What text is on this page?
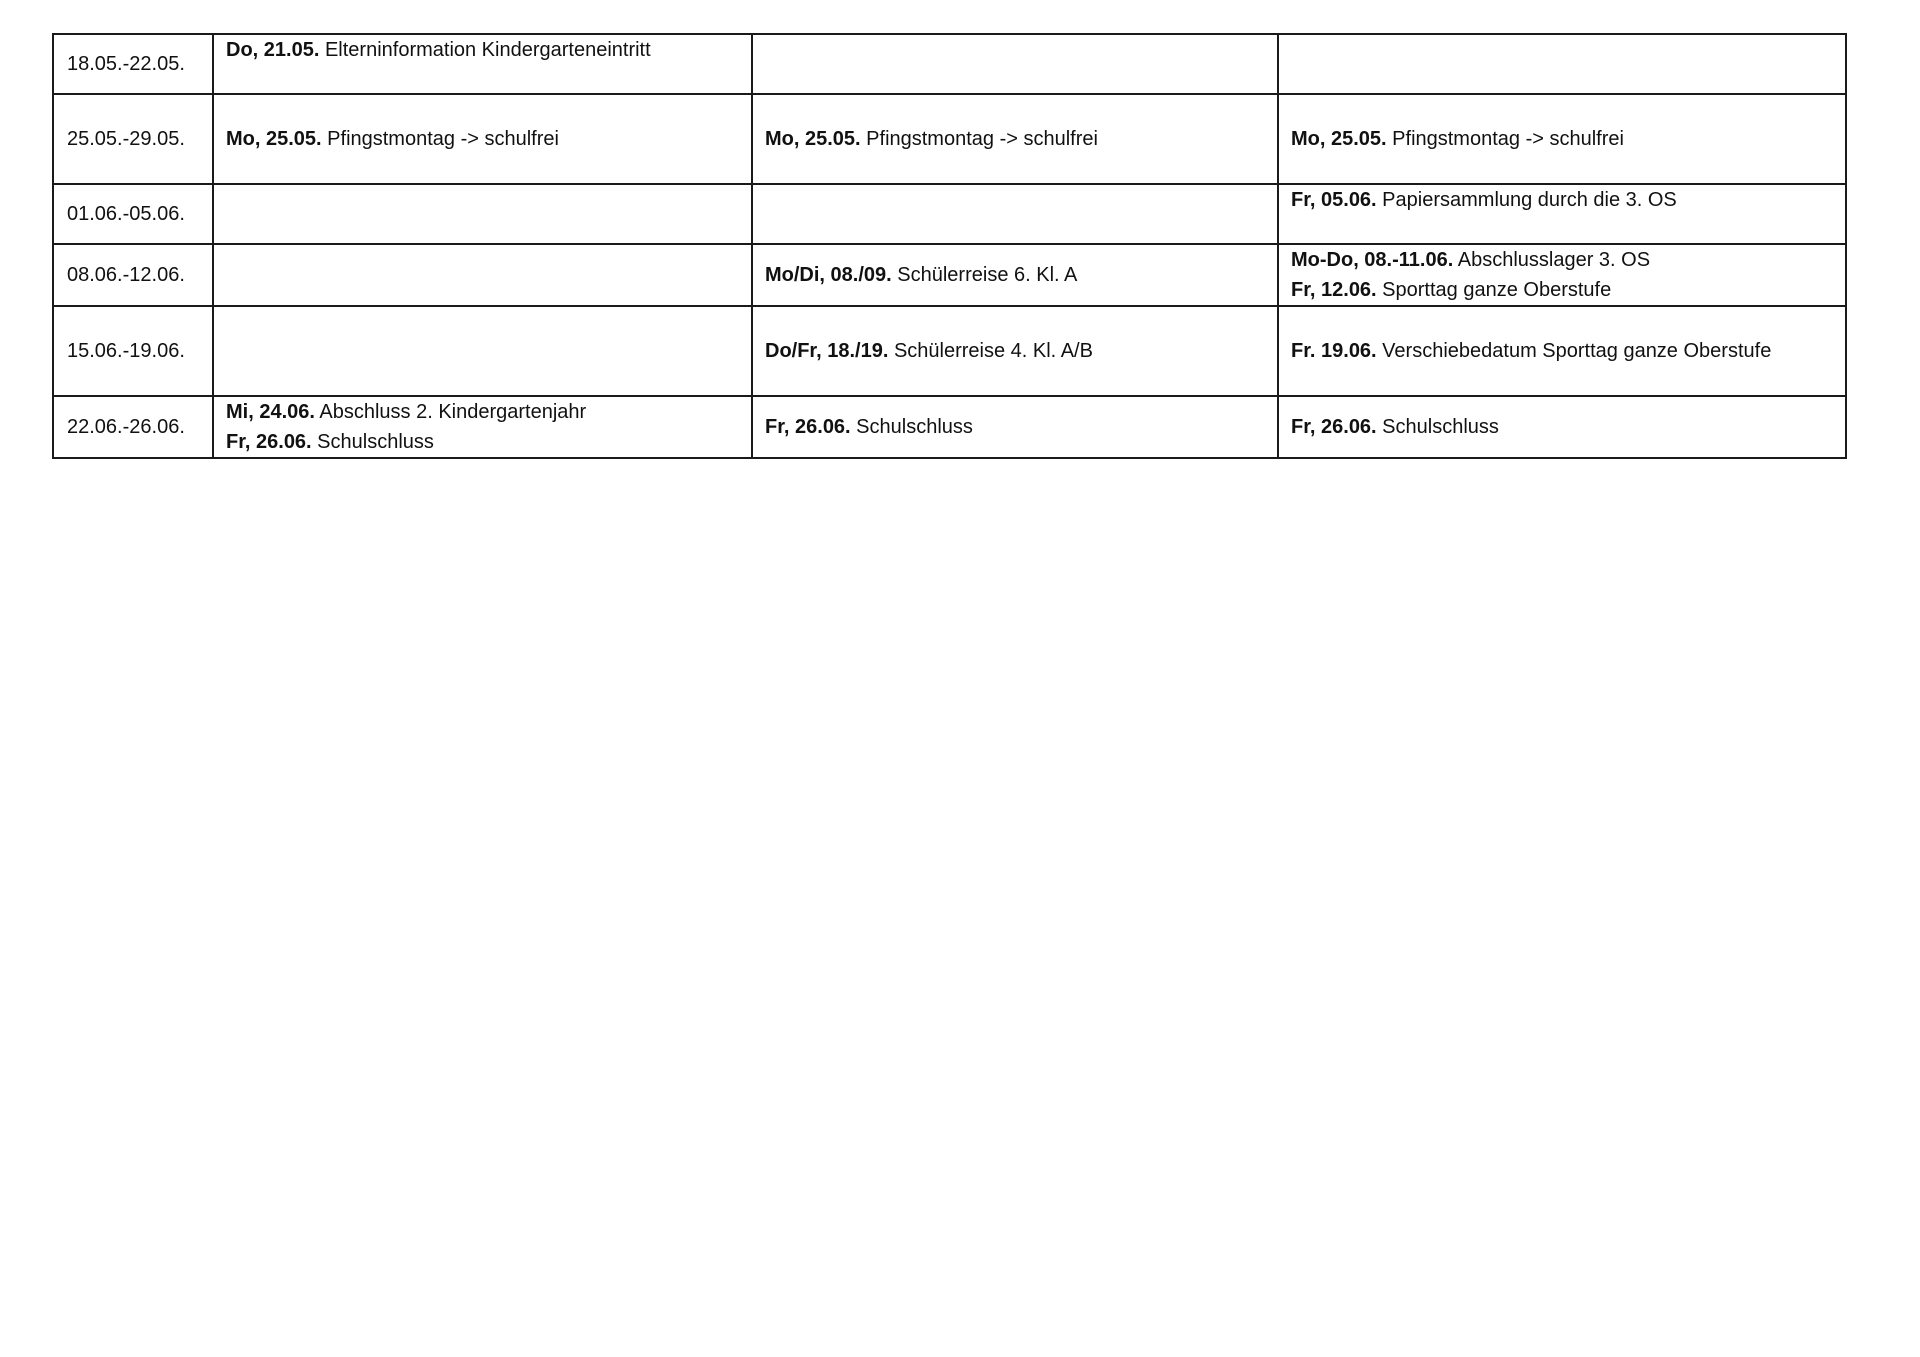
18.05.-22.05.	Do, 21.05. Elterninformation Kindergarteneintritt		

25.05.-29.05.	Mo, 25.05. Pfingstmontag -> schulfrei	Mo, 25.05. Pfingstmontag -> schulfrei	Mo, 25.05. Pfingstmontag -> schulfrei

01.06.-05.06.			Fr, 05.06. Papiersammlung durch die 3. OS

08.06.-12.06.		Mo/Di, 08./09. Schülerreise 6. Kl. A	Mo-Do, 08.-11.06. Abschlusslager 3. OS
Fr, 12.06. Sporttag ganze Oberstufe

15.06.-19.06.		Do/Fr, 18./19. Schülerreise 4. Kl. A/B	Fr. 19.06. Verschiebedatum Sporttag ganze Oberstufe

22.06.-26.06.	Mi, 24.06. Abschluss 2. Kindergartenjahr
Fr, 26.06. Schulschluss	Fr, 26.06. Schulschluss	Fr, 26.06. Schulschluss
